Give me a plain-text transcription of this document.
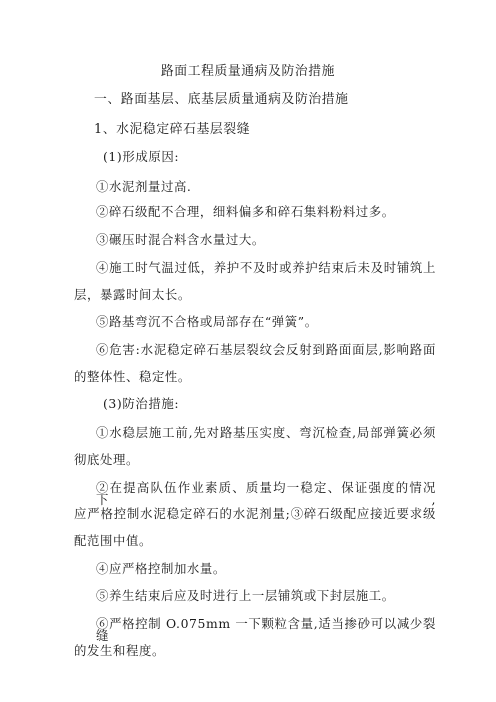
路面工程质量通病及防治措施
一、路面基层、底基层质量通病及防治措施
1、水泥稳定碎石基层裂缝
(1)形成原因:
①水泥剂量过高.
②碎石级配不合理，细料偏多和碎石集料粉料过多。
③碾压时混合料含水量过大。
④施工时气温过低，养护不及时或养护结束后未及时铺筑上
层，暴露时间太长。
⑤路基弯沉不合格或局部存在“弹簧”。
⑥危害:水泥稳定碎石基层裂纹会反射到路面面层,影响路面
的整体性、稳定性。
(3)防治措施:
①水稳层施工前,先对路基压实度、弯沉检查,局部弹簧必须
彻底处理。
②在提高队伍作业素质、质量均一稳定、保证强度的情况下,
应严格控制水泥稳定碎石的水泥剂量;③碎石级配应接近要求级
配范围中值。
④应严格控制加水量。
⑤养生结束后应及时进行上一层铺筑或下封层施工。
⑥严格控制 O.075mm 一下颗粒含量,适当掺砂可以减少裂缝
的发生和程度。
